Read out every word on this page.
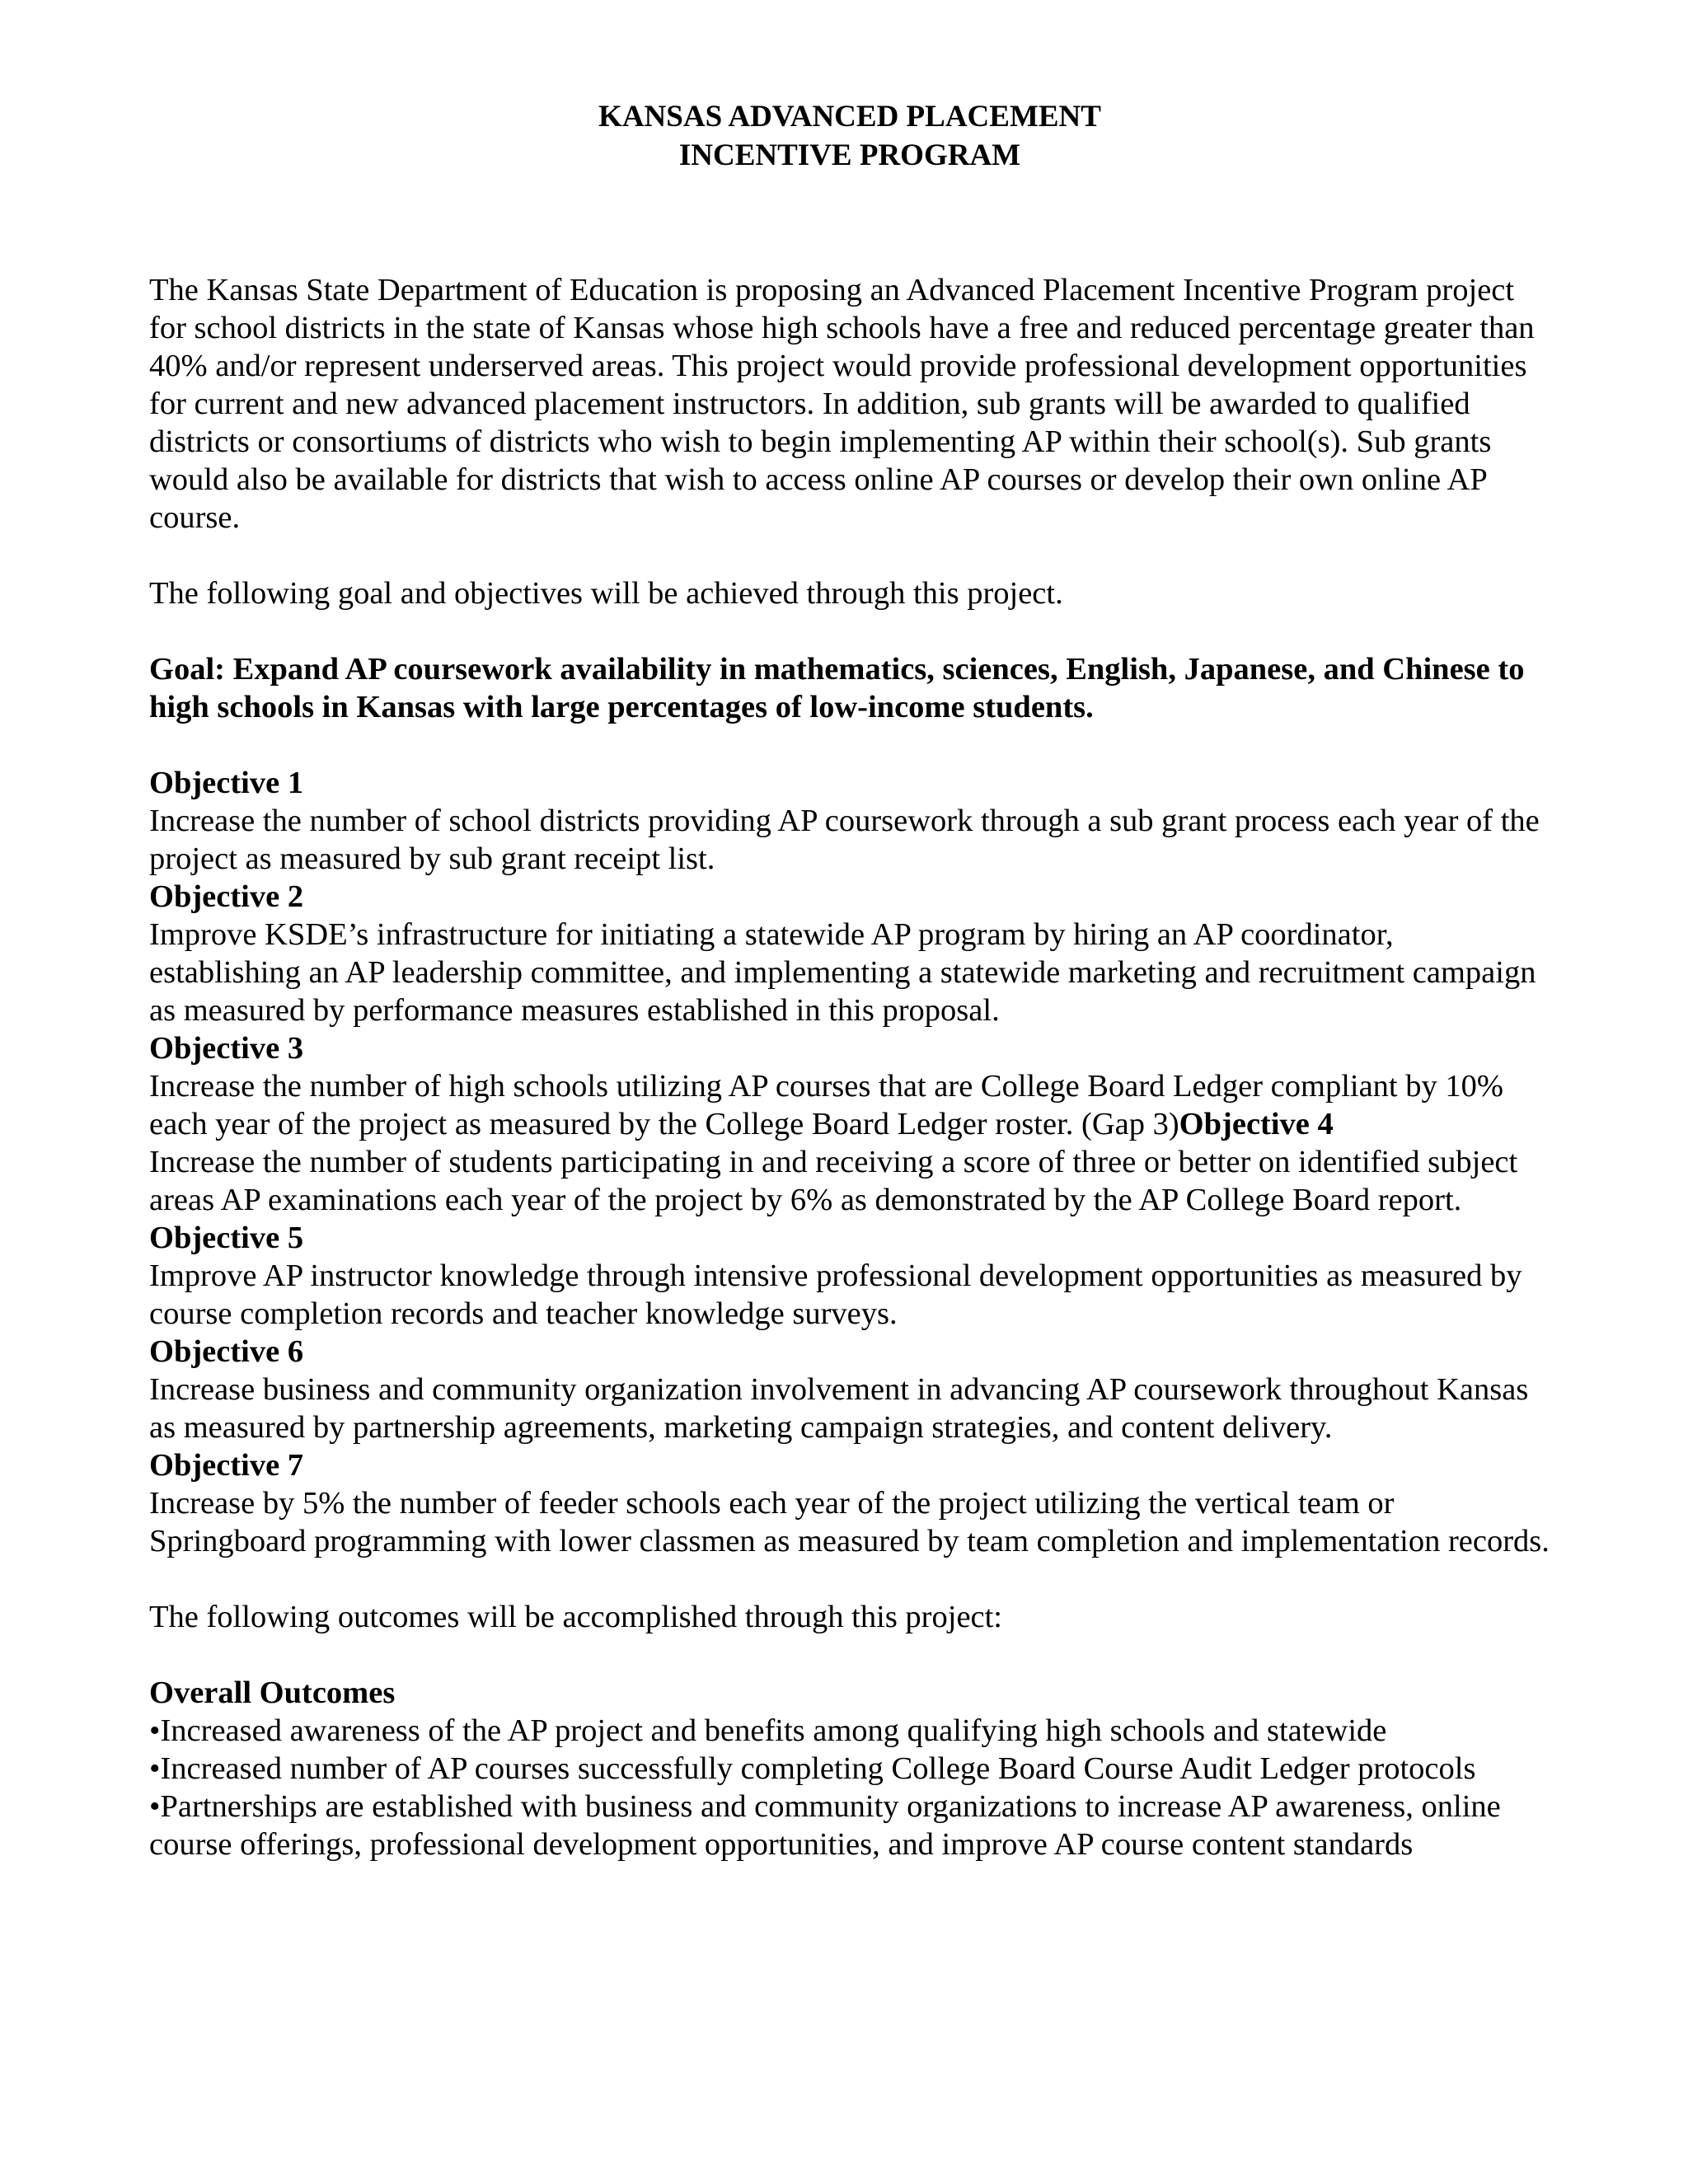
KANSAS ADVANCED PLACEMENT

INCENTIVE PROGRAM

The Kansas State Department of Education is proposing an Advanced Placement Incentive Program project for school districts in the state of Kansas whose high schools have a free and reduced percentage greater than 40% and/or represent underserved areas. This project would provide professional development opportunities for current and new advanced placement instructors. In addition, sub grants will be awarded to qualified districts or consortiums of districts who wish to begin implementing AP within their school(s). Sub grants would also be available for districts that wish to access online AP courses or develop their own online AP course.

The following goal and objectives will be achieved through this project.

Goal: Expand AP coursework availability in mathematics, sciences, English, Japanese, and Chinese to high schools in Kansas with large percentages of low-income students.

Objective 1

Increase the number of school districts providing AP coursework through a sub grant process each year of the project as measured by sub grant receipt list.

Objective 2

Improve KSDE’s infrastructure for initiating a statewide AP program by hiring an AP coordinator, establishing an AP leadership committee, and implementing a statewide marketing and recruitment campaign as measured by performance measures established in this proposal.

Objective 3

Increase the number of high schools utilizing AP courses that are College Board Ledger compliant by 10% each year of the project as measured by the College Board Ledger roster. (Gap 3)Objective 4

Increase the number of students participating in and receiving a score of three or better on identified subject areas AP examinations each year of the project by 6% as demonstrated by the AP College Board report.

Objective 5

Improve AP instructor knowledge through intensive professional development opportunities as measured by course completion records and teacher knowledge surveys.

Objective 6

Increase business and community organization involvement in advancing AP coursework throughout Kansas as measured by partnership agreements, marketing campaign strategies, and content delivery.

Objective 7

Increase by 5% the number of feeder schools each year of the project utilizing the vertical team or Springboard programming with lower classmen as measured by team completion and implementation records.

The following outcomes will be accomplished through this project:

Overall Outcomes

•Increased awareness of the AP project and benefits among qualifying high schools and statewide
•Increased number of AP courses successfully completing College Board Course Audit Ledger protocols
•Partnerships are established with business and community organizations to increase AP awareness, online course offerings, professional development opportunities, and improve AP course content standards
